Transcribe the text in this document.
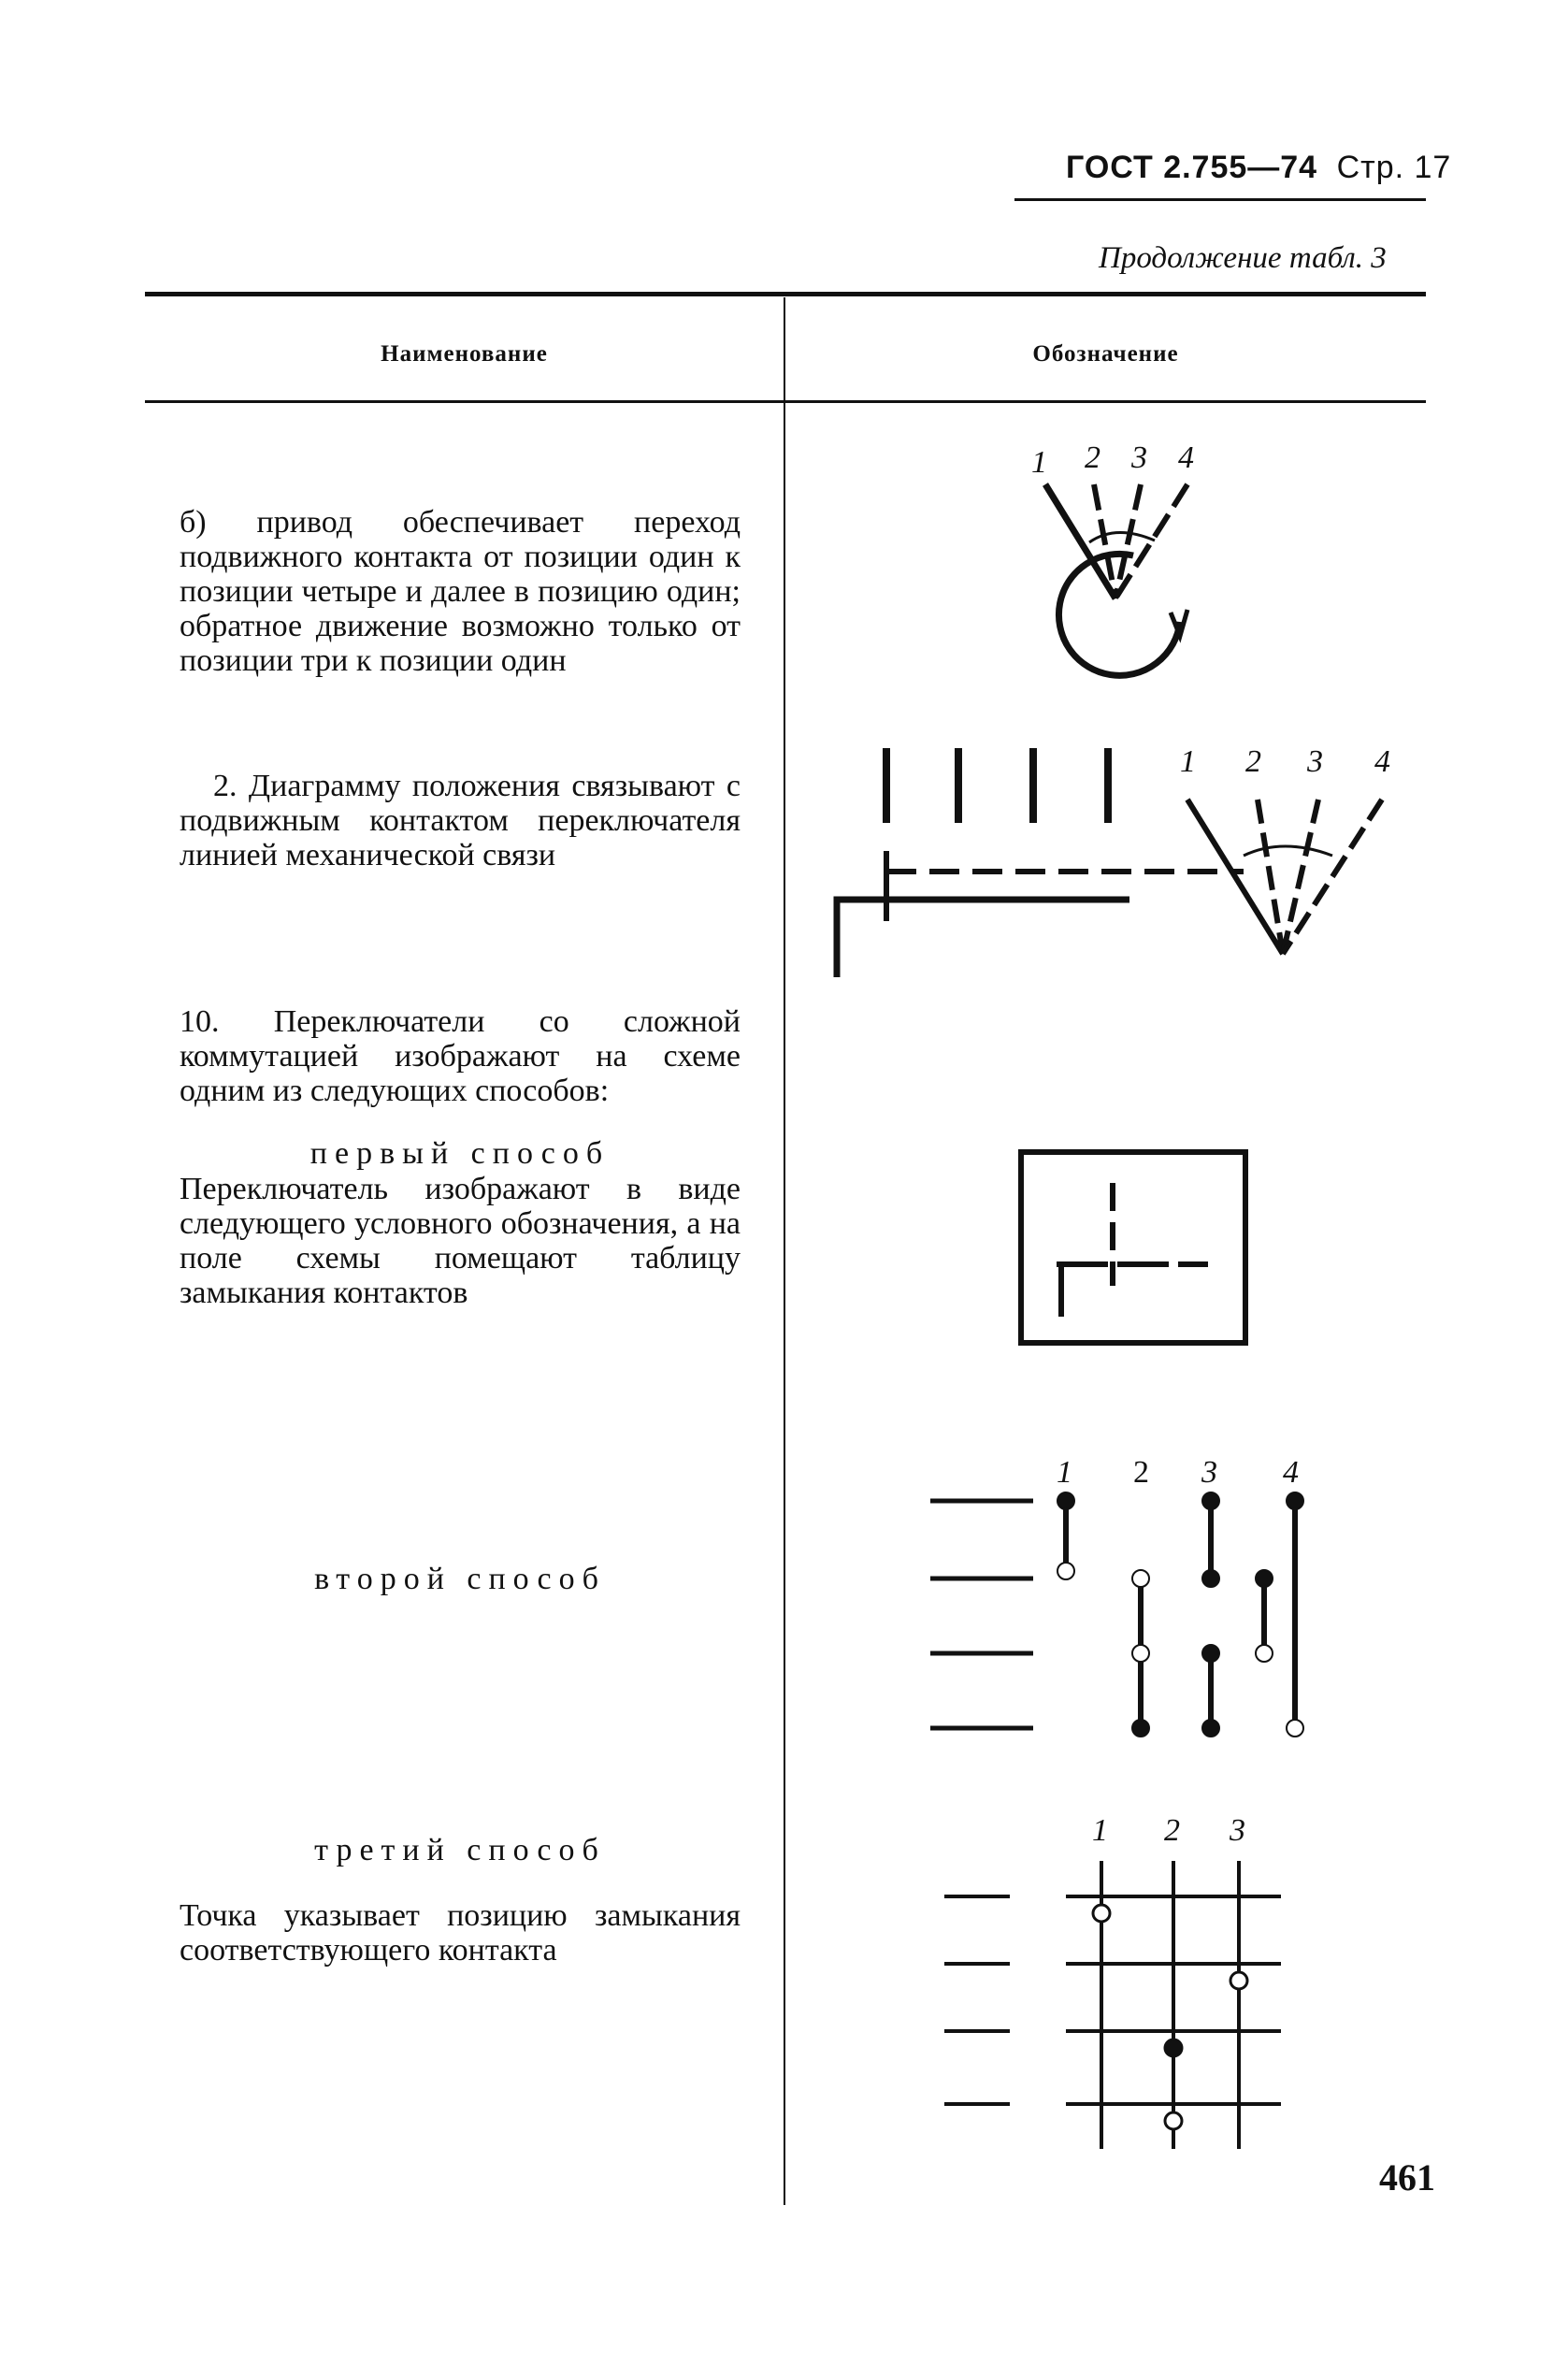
ГОСТ 2.755—74 Стр. 17
Продолжение табл. 3
Наименование	Обозначение
б) привод обеспечивает переход подвижного контакта от позиции один к позиции четыре и далее в позицию один; обратное движение возможно только от позиции три к позиции один
2. Диаграмму положения связывают с подвижным контактом переключателя линией механической связи
10. Переключатели со сложной коммутацией изображают на схеме одним из следующих способов:
первый способ
Переключатель изображают в виде следующего условного обозначения, а на поле схемы помещают таблицу замыкания контактов
второй способ
третий способ
Точка указывает позицию замыкания соответствующего контакта
461
1 2 3 4
1 2 3 4
1 2 3 4
1 2 3
